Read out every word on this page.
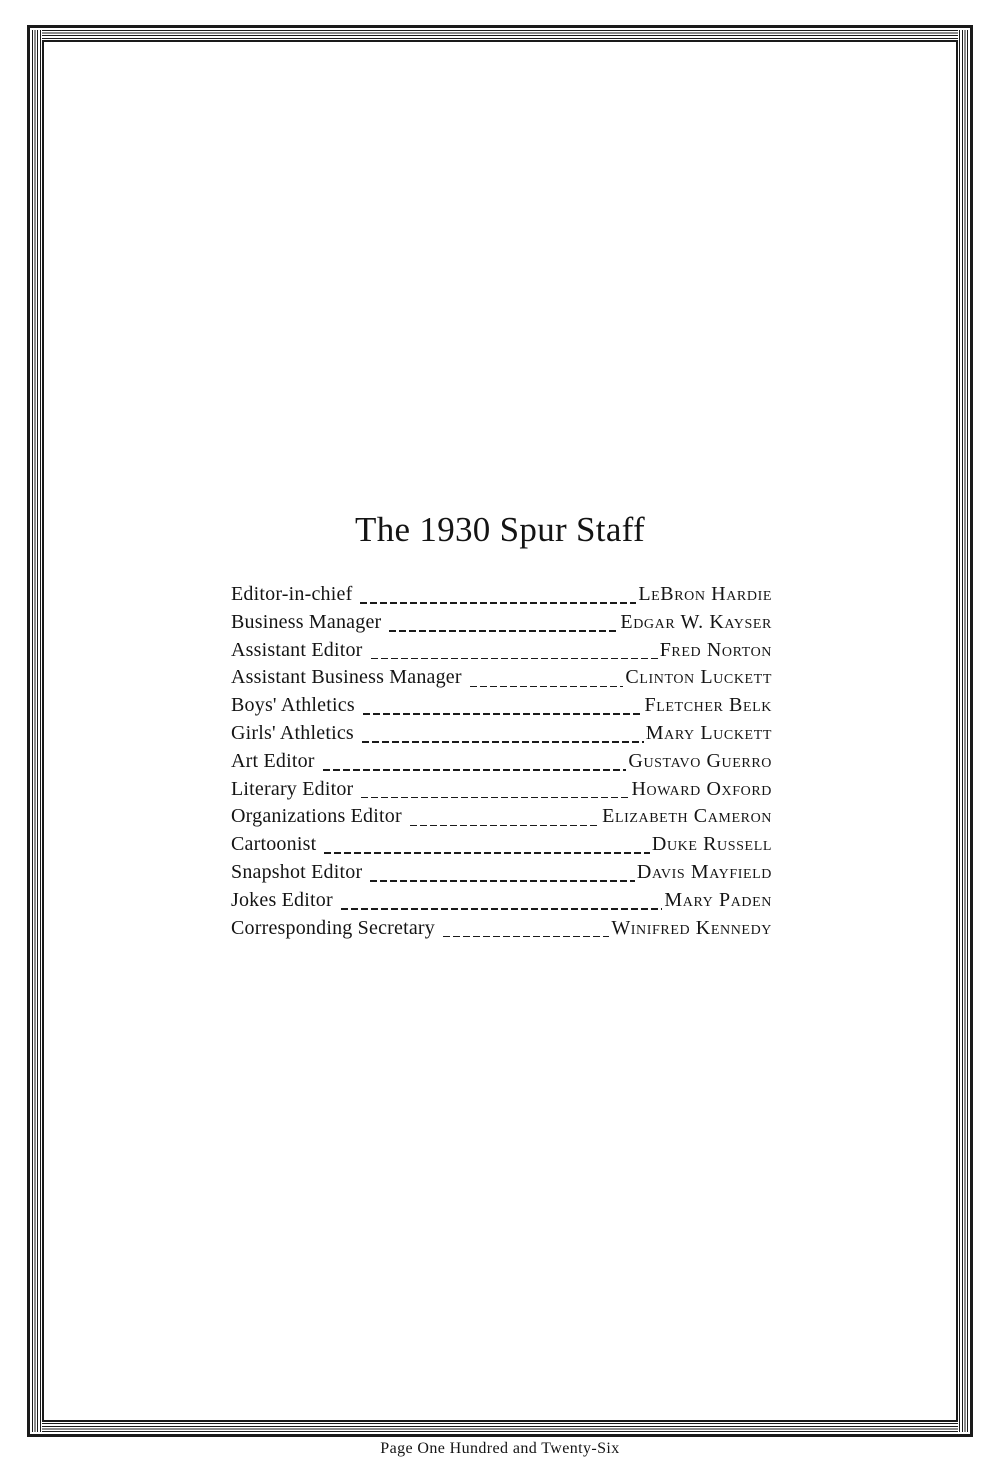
The 1930 Spur Staff
Editor-in-chief	LeBron Hardie
Business Manager	Edgar W. Kayser
Assistant Editor	Fred Norton
Assistant Business Manager	Clinton Luckett
Boys' Athletics	Fletcher Belk
Girls' Athletics	Mary Luckett
Art Editor	Gustavo Guerro
Literary Editor	Howard Oxford
Organizations Editor	Elizabeth Cameron
Cartoonist	Duke Russell
Snapshot Editor	Davis Mayfield
Jokes Editor	Mary Paden
Corresponding Secretary	Winifred Kennedy
Page One Hundred and Twenty-Six
